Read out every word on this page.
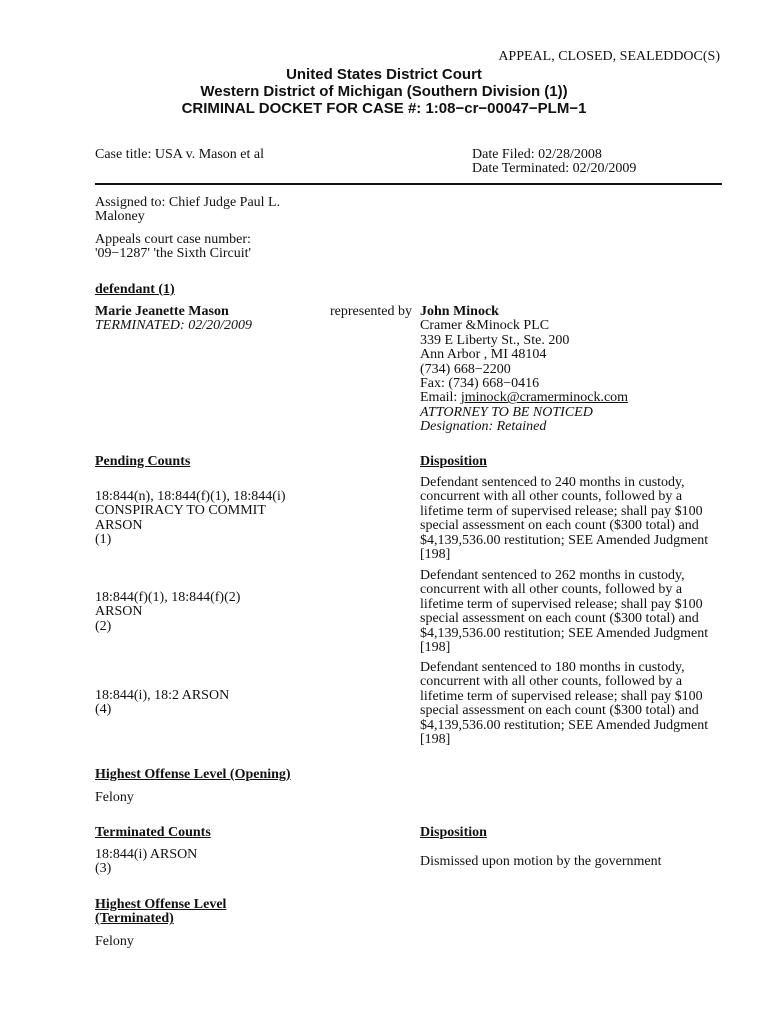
APPEAL, CLOSED, SEALEDDOC(S)
United States District Court
Western District of Michigan (Southern Division (1))
CRIMINAL DOCKET FOR CASE #: 1:08−cr−00047−PLM−1
Case title: USA v. Mason et al	Date Filed: 02/28/2008
Date Terminated: 02/20/2009
Assigned to: Chief Judge Paul L.
Maloney
Appeals court case number:
'09−1287' 'the Sixth Circuit'
defendant (1)
Marie Jeanette Mason
TERMINATED: 02/20/2009
represented by John Minock
Cramer &Minock PLC
339 E Liberty St., Ste. 200
Ann Arbor , MI 48104
(734) 668−2200
Fax: (734) 668−0416
Email: jminock@cramerminock.com
ATTORNEY TO BE NOTICED
Designation: Retained
Pending Counts	Disposition
18:844(n), 18:844(f)(1), 18:844(i)
CONSPIRACY TO COMMIT
ARSON
(1)
Defendant sentenced to 240 months in custody,
concurrent with all other counts, followed by a
lifetime term of supervised release; shall pay $100
special assessment on each count ($300 total) and
$4,139,536.00 restitution; SEE Amended Judgment
[198]
18:844(f)(1), 18:844(f)(2)
ARSON
(2)
Defendant sentenced to 262 months in custody,
concurrent with all other counts, followed by a
lifetime term of supervised release; shall pay $100
special assessment on each count ($300 total) and
$4,139,536.00 restitution; SEE Amended Judgment
[198]
18:844(i), 18:2 ARSON
(4)
Defendant sentenced to 180 months in custody,
concurrent with all other counts, followed by a
lifetime term of supervised release; shall pay $100
special assessment on each count ($300 total) and
$4,139,536.00 restitution; SEE Amended Judgment
[198]
Highest Offense Level (Opening)
Felony
Terminated Counts	Disposition
18:844(i) ARSON
(3)	Dismissed upon motion by the government
Highest Offense Level
(Terminated)
Felony
